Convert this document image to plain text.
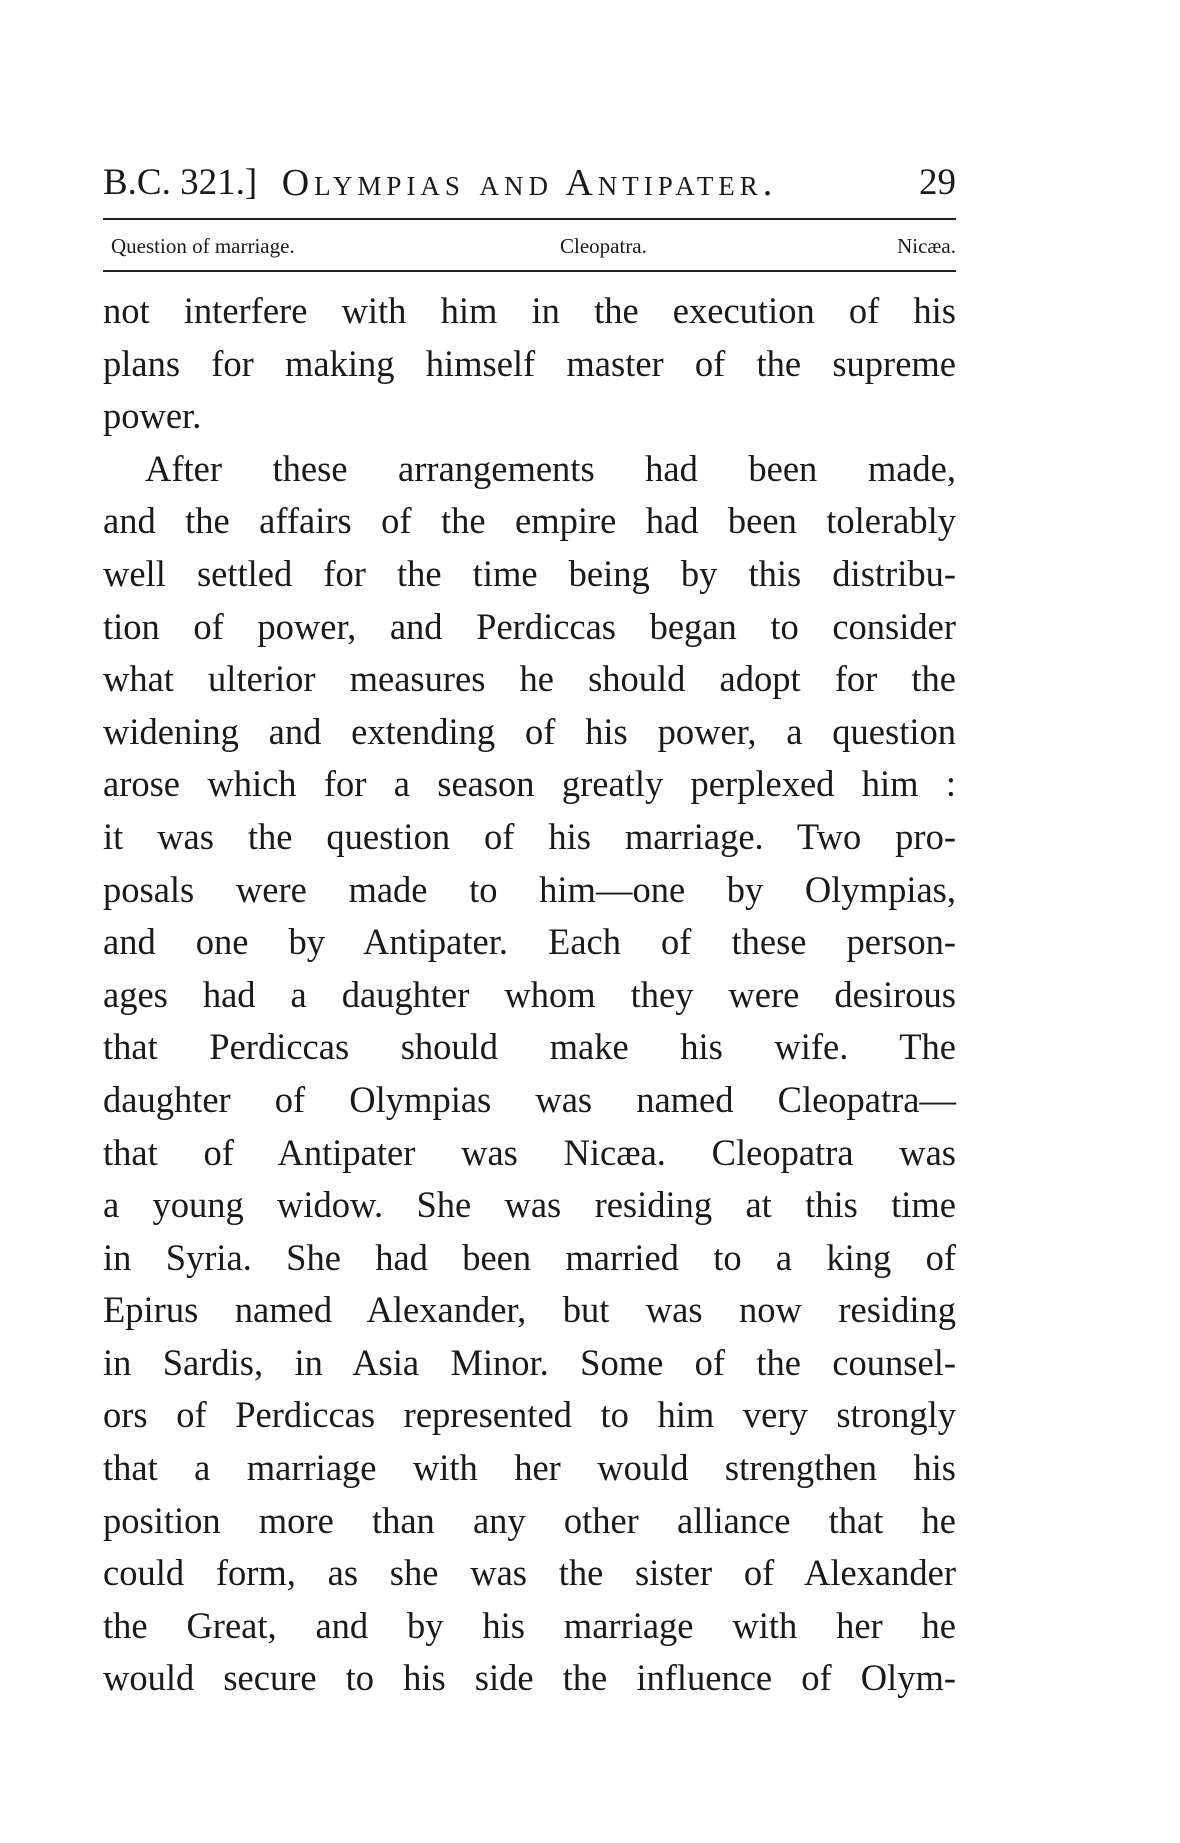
B.C. 321.] Olympias and Antipater.	29
Question of marriage.	Cleopatra.	Nicæa.
not interfere with him in the execution of his
plans for making himself master of the supreme
power.
After these arrangements had been made,
and the affairs of the empire had been tolerably
well settled for the time being by this distribu-
tion of power, and Perdiccas began to consider
what ulterior measures he should adopt for the
widening and extending of his power, a question
arose which for a season greatly perplexed him :
it was the question of his marriage. Two pro-
posals were made to him—one by Olympias,
and one by Antipater. Each of these person-
ages had a daughter whom they were desirous
that Perdiccas should make his wife. The
daughter of Olympias was named Cleopatra—
that of Antipater was Nicæa. Cleopatra was
a young widow. She was residing at this time
in Syria. She had been married to a king of
Epirus named Alexander, but was now residing
in Sardis, in Asia Minor. Some of the counsel-
ors of Perdiccas represented to him very strongly
that a marriage with her would strengthen his
position more than any other alliance that he
could form, as she was the sister of Alexander
the Great, and by his marriage with her he
would secure to his side the influence of Olym-
